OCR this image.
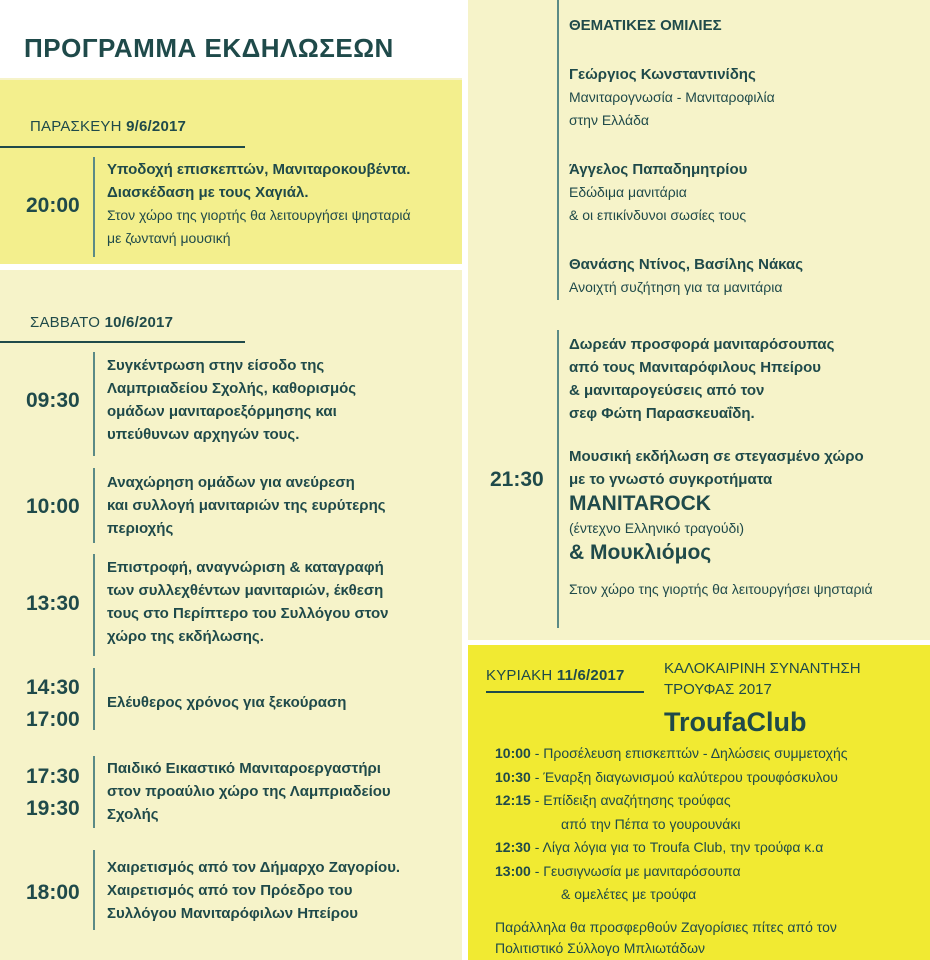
ΠΡΟΓΡΑΜΜΑ ΕΚΔΗΛΩΣΕΩΝ
ΠΑΡΑΣΚΕΥΗ 9/6/2017
20:00
Υποδοχή επισκεπτών, Μανιταροκουβέντα.
Διασκέδαση με τους Χαγιάλ.
Στον χώρο της γιορτής θα λειτουργήσει ψησταριά
με ζωντανή μουσική
ΣΑΒΒΑΤΟ 10/6/2017
09:30
Συγκέντρωση στην είσοδο της
Λαμπριαδείου Σχολής, καθορισμός
ομάδων μανιταροεξόρμησης και
υπεύθυνων αρχηγών τους.
10:00
Αναχώρηση ομάδων για ανεύρεση
και συλλογή μανιταριών της ευρύτερης
περιοχής
13:30
Επιστροφή, αναγνώριση & καταγραφή
των συλλεχθέντων μανιταριών, έκθεση
τους στο Περίπτερο του Συλλόγου στον
χώρο της εκδήλωσης.
14:30
17:00
Ελέυθερος χρόνος για ξεκούραση
17:30
19:30
Παιδικό Εικαστικό Μανιταροεργαστήρι
στον προαύλιο χώρο της Λαμπριαδείου
Σχολής
18:00
Χαιρετισμός από τον Δήμαρχο Ζαγορίου.
Χαιρετισμός από τον Πρόεδρο του
Συλλόγου Μανιταρόφιλων Ηπείρου
ΘΕΜΑΤΙΚΕΣ ΟΜΙΛΙΕΣ
Γεώργιος Κωνσταντινίδης
Μανιταρογνωσία - Μανιταροφιλία
στην Ελλάδα
Άγγελος Παπαδημητρίου
Εδώδιμα μανιτάρια
& οι επικίνδυνοι σωσίες τους
Θανάσης Ντίνος, Βασίλης Νάκας
Ανοιχτή συζήτηση για τα μανιτάρια
21:30
Δωρεάν προσφορά μανιταρόσουπας
από τους Μανιταρόφιλους Ηπείρου
& μανιταρογεύσεις από τον
σεφ Φώτη Παρασκευαΐδη.
Μουσική εκδήλωση σε στεγασμένο χώρο
με το γνωστό συγκροτήματα
MANITAROCK
(έντεχνο Ελληνικό τραγούδι)
& Μουκλιόμος
Στον χώρο της γιορτής θα λειτουργήσει ψησταριά
ΚΥΡΙΑΚΗ 11/6/2017	ΚΑΛΟΚΑΙΡΙΝΗ ΣΥΝΑΝΤΗΣΗ
ΤΡΟΥΦΑΣ 2017
TroufaClub
10:00 - Προσέλευση επισκεπτών - Δηλώσεις συμμετοχής
10:30 - Έναρξη διαγωνισμού καλύτερου τρουφόσκυλου
12:15 - Επίδειξη αναζήτησης τρούφας
από την Πέπα το γουρουνάκι
12:30 - Λίγα λόγια για το Troufa Club, την τρούφα κ.α
13:00 - Γευσιγνωσία με μανιταρόσουπα
& ομελέτες με τρούφα
Παράλληλα θα προσφερθούν Ζαγορίσιες πίτες από τον
Πολιτιστικό Σύλλογο Μπλιωτάδων
